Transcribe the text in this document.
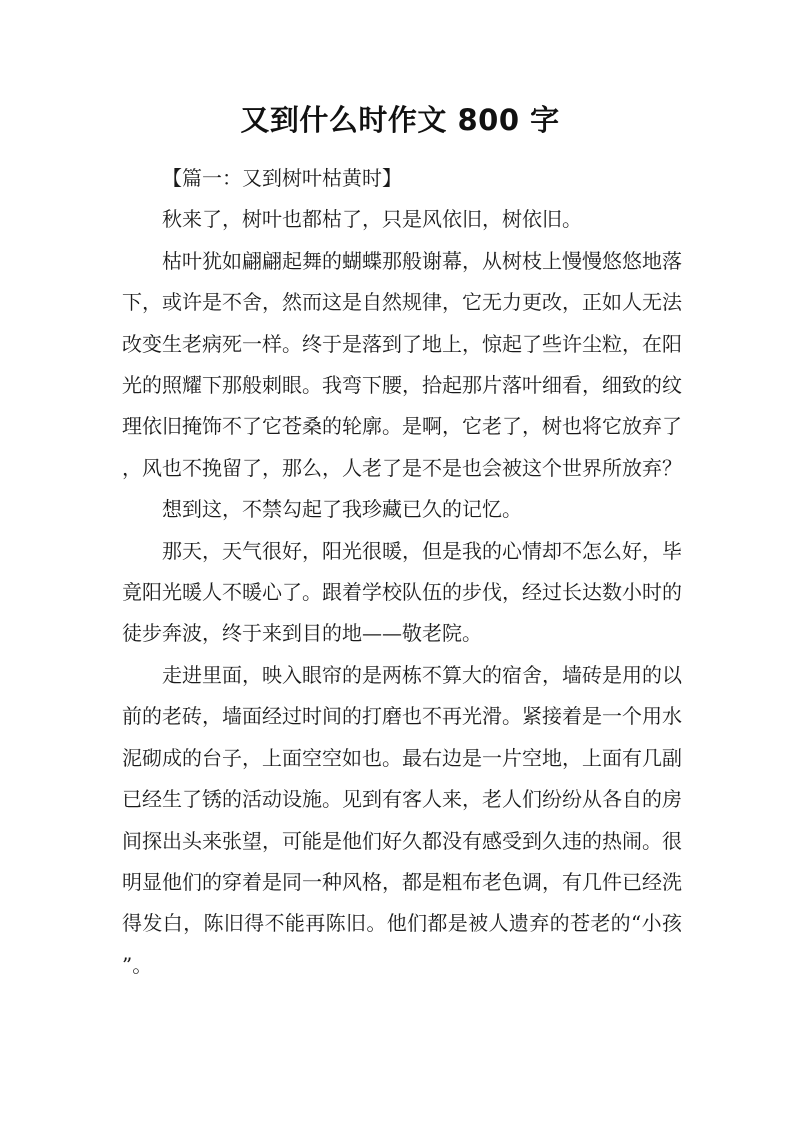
又到什么时作文 800 字

【篇一：又到树叶枯黄时】

秋来了，树叶也都枯了，只是风依旧，树依旧。

枯叶犹如翩翩起舞的蝴蝶那般谢幕，从树枝上慢慢悠悠地落下，或许是不舍，然而这是自然规律，它无力更改，正如人无法改变生老病死一样。终于是落到了地上，惊起了些许尘粒，在阳光的照耀下那般刺眼。我弯下腰，拾起那片落叶细看，细致的纹理依旧掩饰不了它苍桑的轮廓。是啊，它老了，树也将它放弃了，风也不挽留了，那么，人老了是不是也会被这个世界所放弃？

想到这，不禁勾起了我珍藏已久的记忆。

那天，天气很好，阳光很暖，但是我的心情却不怎么好，毕竟阳光暖人不暖心了。跟着学校队伍的步伐，经过长达数小时的徒步奔波，终于来到目的地——敬老院。

走进里面，映入眼帘的是两栋不算大的宿舍，墙砖是用的以前的老砖，墙面经过时间的打磨也不再光滑。紧接着是一个用水泥砌成的台子，上面空空如也。最右边是一片空地，上面有几副已经生了锈的活动设施。见到有客人来，老人们纷纷从各自的房间探出头来张望，可能是他们好久都没有感受到久违的热闹。很明显他们的穿着是同一种风格，都是粗布老色调，有几件已经洗得发白，陈旧得不能再陈旧。他们都是被人遗弃的苍老的“小孩”。
